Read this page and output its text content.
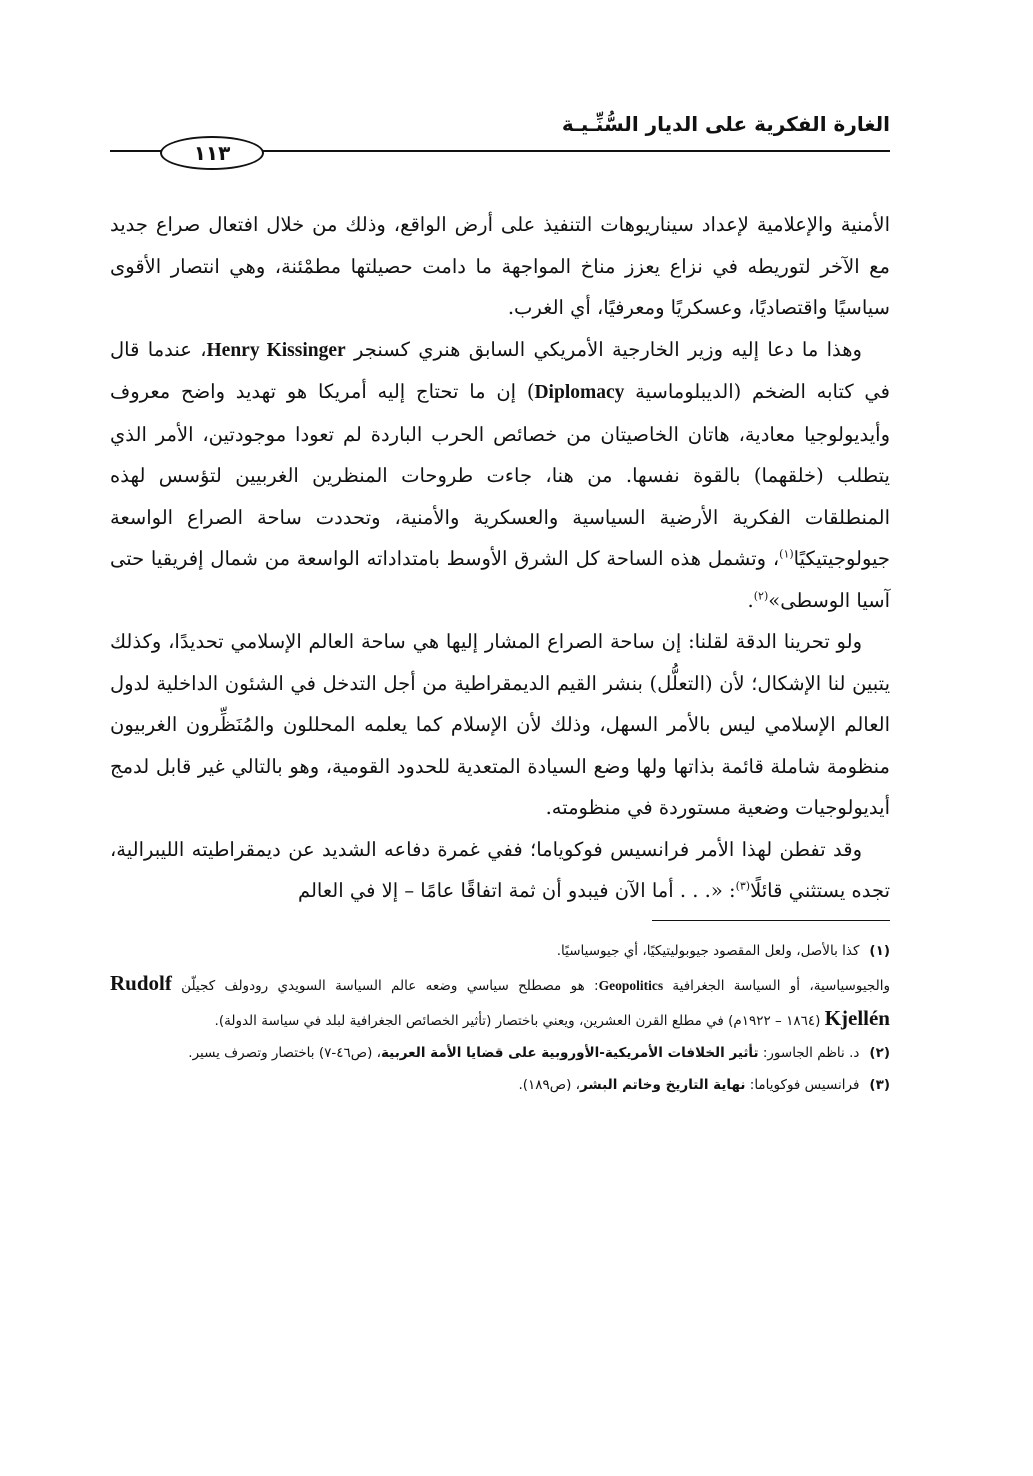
الغارة الفكرية على الديار السُّنِّـيـة
١١٣

الأمنية والإعلامية لإعداد سيناريوهات التنفيذ على أرض الواقع، وذلك من خلال افتعال صراع جديد مع الآخر لتوريطه في نزاع يعزز مناخ المواجهة ما دامت حصيلتها مطمْئنة، وهي انتصار الأقوى سياسيًا واقتصاديًا، وعسكريًا ومعرفيًا، أي الغرب.

وهذا ما دعا إليه وزير الخارجية الأمريكي السابق هنري كسنجر Henry Kissinger، عندما قال في كتابه الضخم (الديبلوماسية Diplomacy) إن ما تحتاج إليه أمريكا هو تهديد واضح معروف وأيديولوجيا معادية، هاتان الخاصيتان من خصائص الحرب الباردة لم تعودا موجودتين، الأمر الذي يتطلب (خلقهما) بالقوة نفسها. من هنا، جاءت طروحات المنظرين الغربيين لتؤسس لهذه المنطلقات الفكرية الأرضية السياسية والعسكرية والأمنية، وتحددت ساحة الصراع الواسعة جيولوجيتيكيًا$^{(١)}$، وتشمل هذه الساحة كل الشرق الأوسط بامتداداته الواسعة من شمال إفريقيا حتى آسيا الوسطى»$^{(٢)}$.

ولو تحرينا الدقة لقلنا: إن ساحة الصراع المشار إليها هي ساحة العالم الإسلامي تحديدًا، وكذلك يتبين لنا الإشكال؛ لأن (التعلُّل) بنشر القيم الديمقراطية من أجل التدخل في الشئون الداخلية لدول العالم الإسلامي ليس بالأمر السهل، وذلك لأن الإسلام كما يعلمه المحللون والمُنَظِّرون الغربيون منظومة شاملة قائمة بذاتها ولها وضع السيادة المتعدية للحدود القومية، وهو بالتالي غير قابل لدمج أيديولوجيات وضعية مستوردة في منظومته.

وقد تفطن لهذا الأمر فرانسيس فوكوياما؛ ففي غمرة دفاعه الشديد عن ديمقراطيته الليبرالية، تجده يستثني قائلًا$^{(٣)}$: «. . . أما الآن فيبدو أن ثمة اتفاقًا عامًا – إلا في العالم

(١)كذا بالأصل، ولعل المقصود جيوبوليتيكيًا، أي جيوسياسيًا.

والجيوسياسية، أو السياسة الجغرافية Geopolitics: هو مصطلح سياسي وضعه عالم السياسة السويدي رودولف كجيلّن Rudolf Kjellén (١٨٦٤ – ١٩٢٢م) في مطلع القرن العشرين، ويعني باختصار (تأثير الخصائص الجغرافية لبلد في سياسة الدولة).

(٢)د. ناظم الجاسور: تأثير الخلافات الأمريكية-الأوروبية على قضايا الأمة العربية، (ص٤٦-٧) باختصار وتصرف يسير.

(٣)فرانسيس فوكوياما: نهاية التاريخ وخاتم البشر، (ص١٨٩).
